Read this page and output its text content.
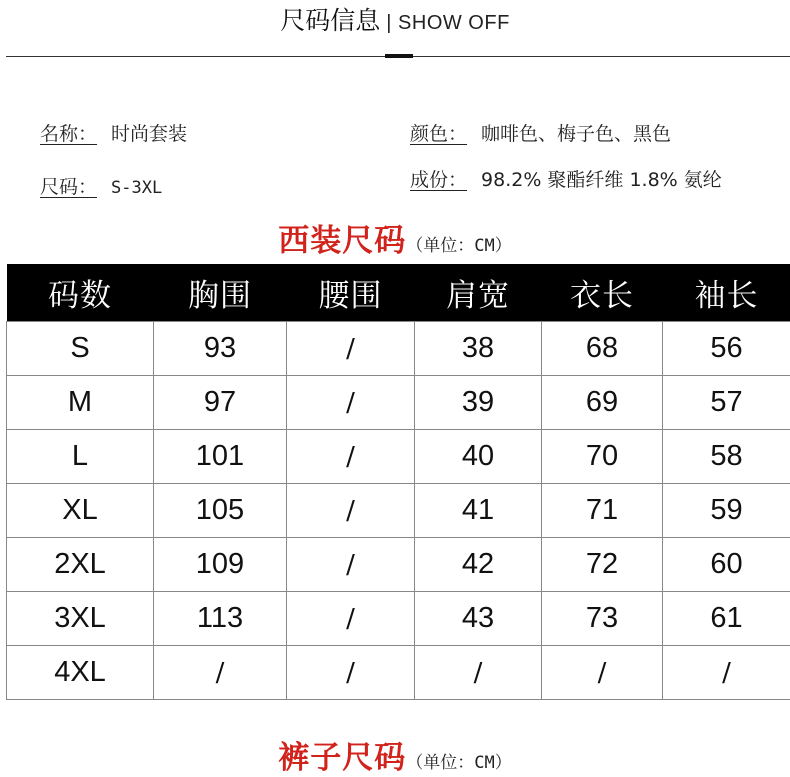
尺码信息 | SHOW OFF
名称： 时尚套装
尺码： S-3XL
颜色： 咖啡色、梅子色、黑色
成份： 98.2% 聚酯纤维 1.8% 氨纶
西装尺码（单位：CM）
码数	胸围	腰围	肩宽	衣长	袖长
S	93	/	38	68	56
M	97	/	39	69	57
L	101	/	40	70	58
XL	105	/	41	71	59
2XL	109	/	42	72	60
3XL	113	/	43	73	61
4XL	/	/	/	/	/
裤子尺码（单位：CM）
